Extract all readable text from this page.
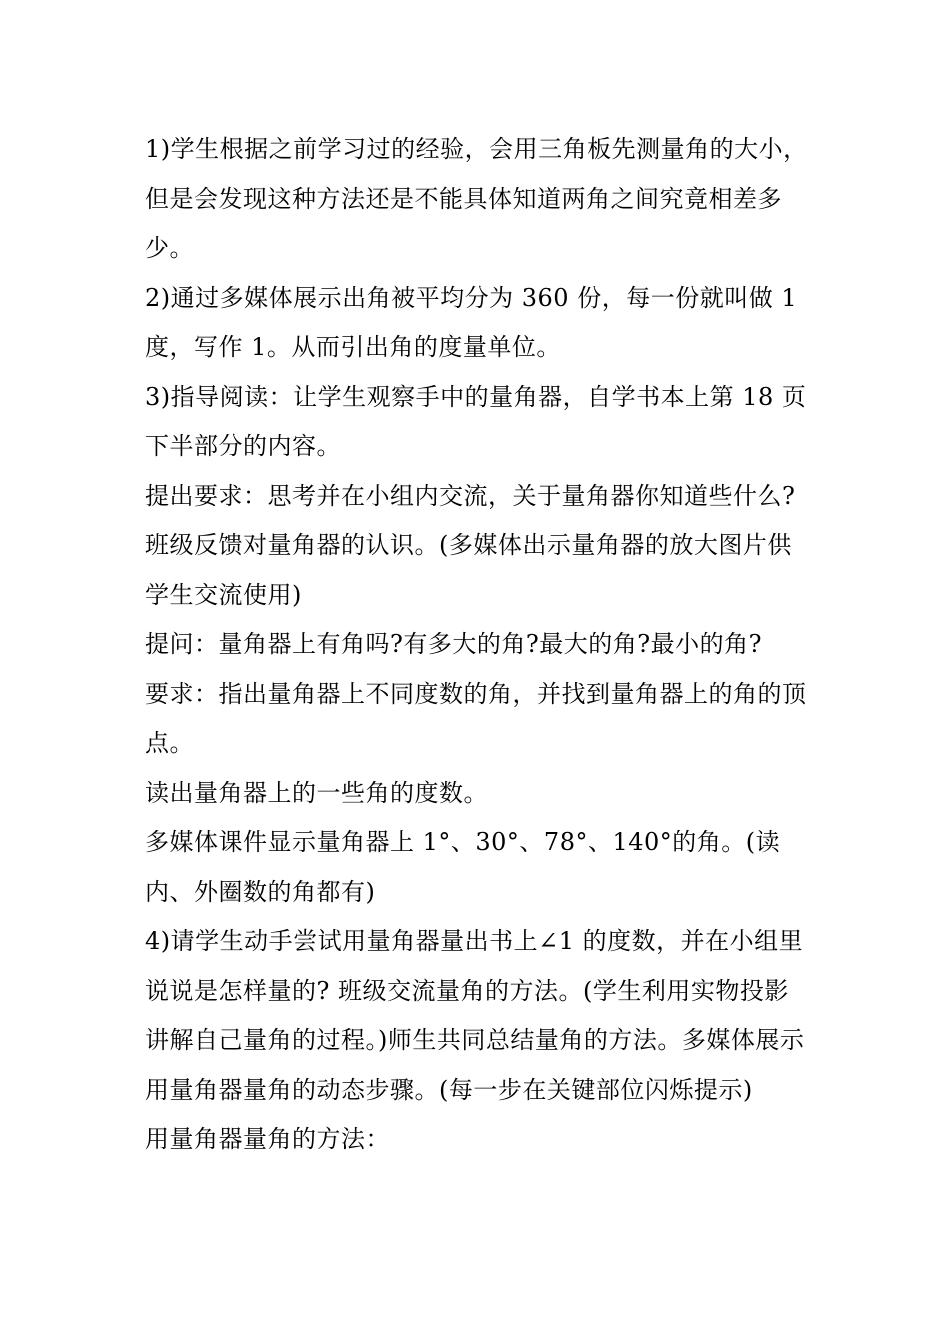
1)学生根据之前学习过的经验，会用三角板先测量角的大小，但是会发现这种方法还是不能具体知道两角之间究竟相差多少。

2)通过多媒体展示出角被平均分为 360 份，每一份就叫做 1 度，写作 1。从而引出角的度量单位。

3)指导阅读：让学生观察手中的量角器，自学书本上第 18 页下半部分的内容。

提出要求：思考并在小组内交流，关于量角器你知道些什么?班级反馈对量角器的认识。(多媒体出示量角器的放大图片供学生交流使用)

提问：量角器上有角吗?有多大的角?最大的角?最小的角?

要求：指出量角器上不同度数的角，并找到量角器上的角的顶点。

读出量角器上的一些角的度数。

多媒体课件显示量角器上 1°、30°、78°、140°的角。(读内、外圈数的角都有)

4)请学生动手尝试用量角器量出书上∠1 的度数，并在小组里说说是怎样量的? 班级交流量角的方法。(学生利用实物投影讲解自己量角的过程。)师生共同总结量角的方法。多媒体展示用量角器量角的动态步骤。(每一步在关键部位闪烁提示)

用量角器量角的方法：
